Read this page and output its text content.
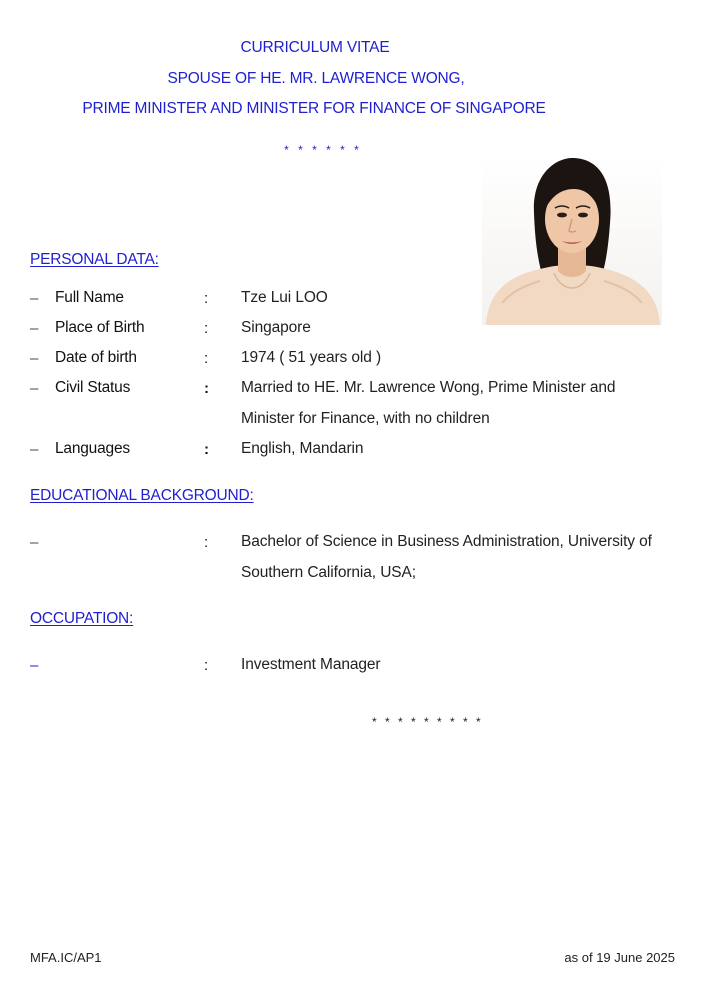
CURRICULUM VITAE
SPOUSE OF HE. MR. LAWRENCE WONG,
PRIME MINISTER AND MINISTER FOR FINANCE OF SINGAPORE
* * * * * *
PERSONAL DATA:
– Full Name	: Tze Lui LOO
– Place of Birth	: Singapore
– Date of birth	: 1974 ( 51 years old )
– Civil Status	: Married to HE. Mr. Lawrence Wong, Prime Minister and
Minister for Finance, with no children
– Languages	: English, Mandarin
EDUCATIONAL BACKGROUND:
–	: Bachelor of Science in Business Administration, University of
Southern California, USA;
OCCUPATION:
–	: Investment Manager
* * * * * * * * *
MFA.IC/AP1	as of 19 June 2025
